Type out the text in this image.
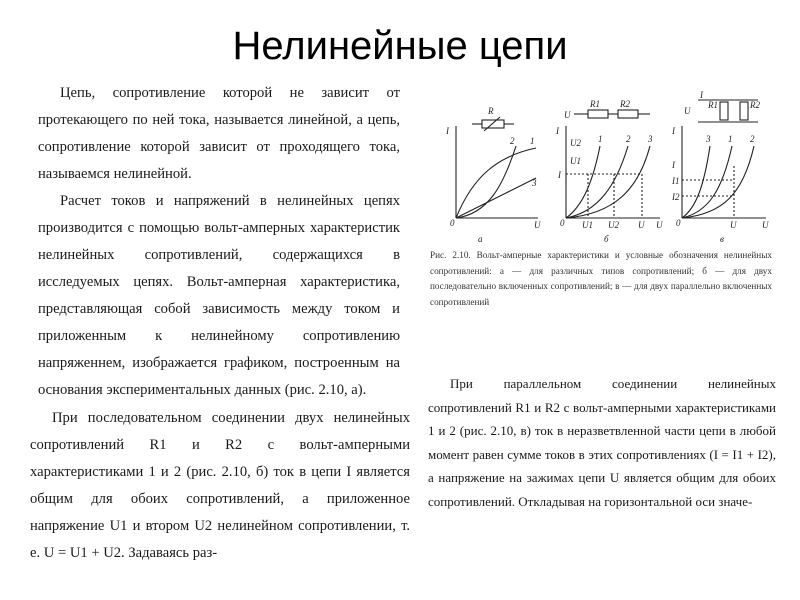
Нелинейные цепи

Цепь, сопротивление которой не зависит от протекающего по ней тока, называется линейной, а цепь, сопротивление которой зависит от проходящего тока, называемся нелинейной.

Расчет токов и напряжений в нелинейных цепях производится с помощью вольт-амперных характеристик нелинейных сопротивлений, содержащихся в исследуемых цепях. Вольт-амперная характеристика, представляющая собой зависимость между током и приложенным к нелинейному сопротивлению напряженнем, изображается графиком, построенным на основания экспериментальных данных (рис. 2.10, а).

I
U
0
R
2 1
3
а
I
U
0
R1 R2
U
U1
U2
I
1	2 3
U1 U2 U
б
I
U
0
R1	R2
I
U
I1
I2
I
3 1 2
U
в
Рис. 2.10. Вольт-амперные характеристики и условные обозначения нелинейных сопротивлений: а — для различных типов сопротивлений; б — для двух последовательно включенных сопротивлений; в — для двух параллельно включенных сопротивлений

При последовательном соединении двух нелинейных сопротивлений R1 и R2 с вольт-амперными характеристиками 1 и 2 (рис. 2.10, б) ток в цепи I является общим для обоих сопротивлений, а приложенное напряжение U1 и втором U2 нелинейном сопротивлении, т. е. U = U1 + U2. Задаваясь раз-

При параллельном соединении нелинейных сопротивлений R1 и R2 с вольт-амперными характеристиками 1 и 2 (рис. 2.10, в) ток в неразветвленной части цепи в любой момент равен сумме токов в этих сопротивлениях (I = I1 + I2), а напряжение на зажимах цепи U является общим для обоих сопротивлений. Откладывая на горизонтальной оси значе-
